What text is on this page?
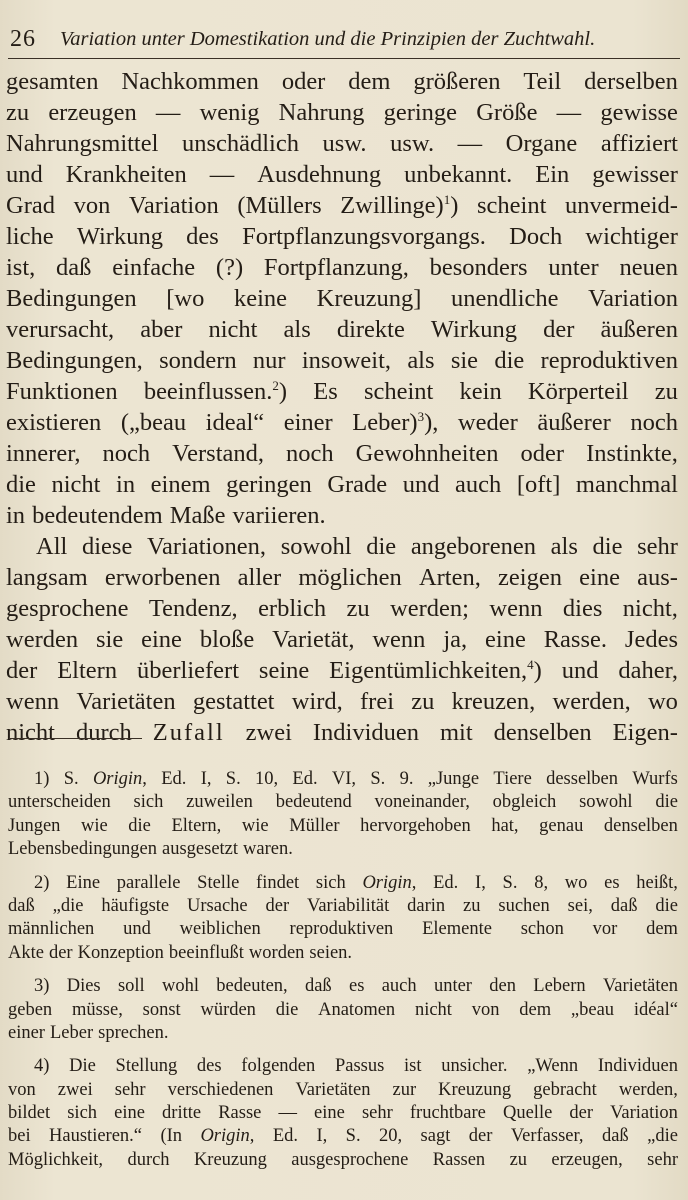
26 Variation unter Domestikation und die Prinzipien der Zuchtwahl.
gesamten Nachkommen oder dem größeren Teil derselben
zu erzeugen — wenig Nahrung geringe Größe — gewisse
Nahrungsmittel unschädlich usw. usw. — Organe affiziert
und Krankheiten — Ausdehnung unbekannt. Ein gewisser
Grad von Variation (Müllers Zwillinge)$^1$) scheint unvermeid-
liche Wirkung des Fortpflanzungsvorgangs. Doch wichtiger
ist, daß einfache (?) Fortpflanzung, besonders unter neuen
Bedingungen [wo keine Kreuzung] unendliche Variation
verursacht, aber nicht als direkte Wirkung der äußeren
Bedingungen, sondern nur insoweit, als sie die reproduktiven
Funktionen beeinflussen.$^2$) Es scheint kein Körperteil zu
existieren („beau ideal“ einer Leber)$^3$), weder äußerer noch
innerer, noch Verstand, noch Gewohnheiten oder Instinkte,
die nicht in einem geringen Grade und auch [oft] manchmal
in bedeutendem Maße variieren.
All diese Variationen, sowohl die angeborenen als die sehr
langsam erworbenen aller möglichen Arten, zeigen eine aus-
gesprochene Tendenz, erblich zu werden; wenn dies nicht,
werden sie eine bloße Varietät, wenn ja, eine Rasse. Jedes
der Eltern überliefert seine Eigentümlichkeiten,$^4$) und daher,
wenn Varietäten gestattet wird, frei zu kreuzen, werden, wo
nicht durch Zufall zwei Individuen mit denselben Eigen-
1) S. Origin, Ed. I, S. 10, Ed. VI, S. 9. „Junge Tiere desselben Wurfs
unterscheiden sich zuweilen bedeutend voneinander, obgleich sowohl die
Jungen wie die Eltern, wie Müller hervorgehoben hat, genau denselben
Lebensbedingungen ausgesetzt waren.
2) Eine parallele Stelle findet sich Origin, Ed. I, S. 8, wo es heißt,
daß „die häufigste Ursache der Variabilität darin zu suchen sei, daß die
männlichen und weiblichen reproduktiven Elemente schon vor dem
Akte der Konzeption beeinflußt worden seien.
3) Dies soll wohl bedeuten, daß es auch unter den Lebern Varietäten
geben müsse, sonst würden die Anatomen nicht von dem „beau idéal“
einer Leber sprechen.
4) Die Stellung des folgenden Passus ist unsicher. „Wenn Individuen
von zwei sehr verschiedenen Varietäten zur Kreuzung gebracht werden,
bildet sich eine dritte Rasse — eine sehr fruchtbare Quelle der Variation
bei Haustieren.“ (In Origin, Ed. I, S. 20, sagt der Verfasser, daß „die
Möglichkeit, durch Kreuzung ausgesprochene Rassen zu erzeugen, sehr
